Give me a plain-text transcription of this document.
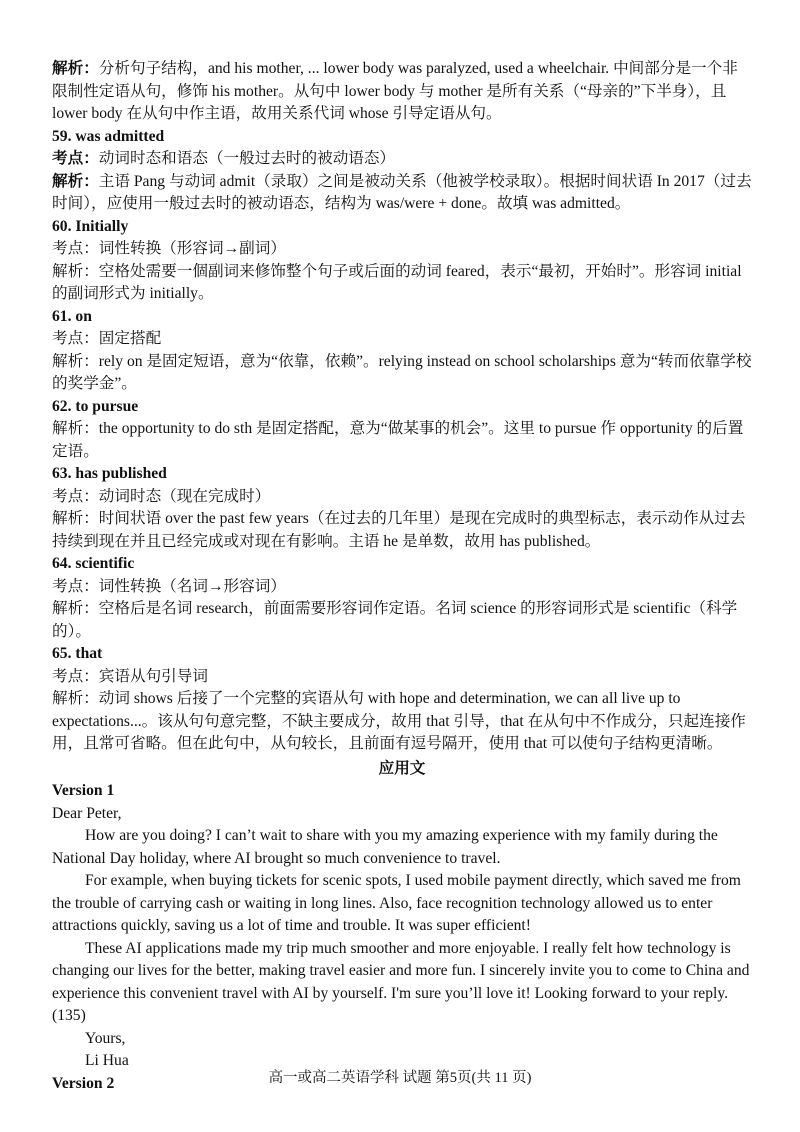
解析：分析句子结构，and his mother, ... lower body was paralyzed, used a wheelchair. 中间部分是一个非限制性定语从句，修饰 his mother。从句中 lower body 与 mother 是所有关系（“母亲的”下半身），且 lower body 在从句中作主语，故用关系代词 whose 引导定语从句。

59. was admitted

考点：动词时态和语态（一般过去时的被动语态）

解析：主语 Pang 与动词 admit（录取）之间是被动关系（他被学校录取）。根据时间状语 In 2017（过去时间），应使用一般过去时的被动语态，结构为 was/were + done。故填 was admitted。

60. Initially

考点：词性转换（形容词→副词）

解析：空格处需要一個副词来修饰整个句子或后面的动词 feared，表示“最初，开始时”。形容词 initial 的副词形式为 initially。

61. on

考点：固定搭配

解析：rely on 是固定短语，意为“依靠，依赖”。relying instead on school scholarships 意为“转而依靠学校的奖学金”。

62. to pursue

解析：the opportunity to do sth 是固定搭配，意为“做某事的机会”。这里 to pursue 作 opportunity 的后置定语。

63. has published

考点：动词时态（现在完成时）

解析：时间状语 over the past few years（在过去的几年里）是现在完成时的典型标志，表示动作从过去持续到现在并且已经完成或对现在有影响。主语 he 是单数，故用 has published。

64. scientific

考点：词性转换（名词→形容词）

解析：空格后是名词 research，前面需要形容词作定语。名词 science 的形容词形式是 scientific（科学的）。

65. that

考点：宾语从句引导词

解析：动词 shows 后接了一个完整的宾语从句 with hope and determination, we can all live up to expectations...。该从句句意完整，不缺主要成分，故用 that 引导，that 在从句中不作成分，只起连接作用，且常可省略。但在此句中，从句较长，且前面有逗号隔开，使用 that 可以使句子结构更清晰。

应用文

Version 1

Dear Peter,

How are you doing? I can’t wait to share with you my amazing experience with my family during the National Day holiday, where AI brought so much convenience to travel.

For example, when buying tickets for scenic spots, I used mobile payment directly, which saved me from the trouble of carrying cash or waiting in long lines. Also, face recognition technology allowed us to enter attractions quickly, saving us a lot of time and trouble. It was super efficient!

These AI applications made my trip much smoother and more enjoyable. I really felt how technology is changing our lives for the better, making travel easier and more fun. I sincerely invite you to come to China and experience this convenient travel with AI by yourself. I'm sure you’ll love it! Looking forward to your reply. (135)

Yours,

Li Hua

Version 2	高一或高二英语学科 试题 第5页(共 11 页)
